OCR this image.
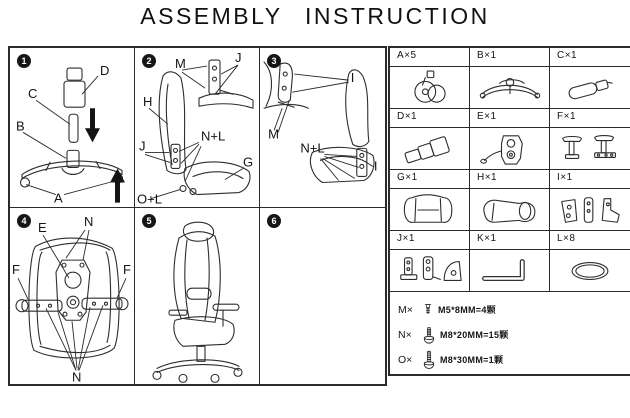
ASSEMBLY INSTRUCTION
1
D
C
B
A
2	M	J
H
J
N+L
G
O+L
3
I
M
N+L
I
4 E	N
F	F
N
5	6
A×5	B×1	C×1
D×1	E×1	F×1
G×1	H×1	I×1
J×1	K×1	L×8
M×	M5*8MM=4颗
N×	M8*20MM=15颗
O×	M8*30MM=1颗
